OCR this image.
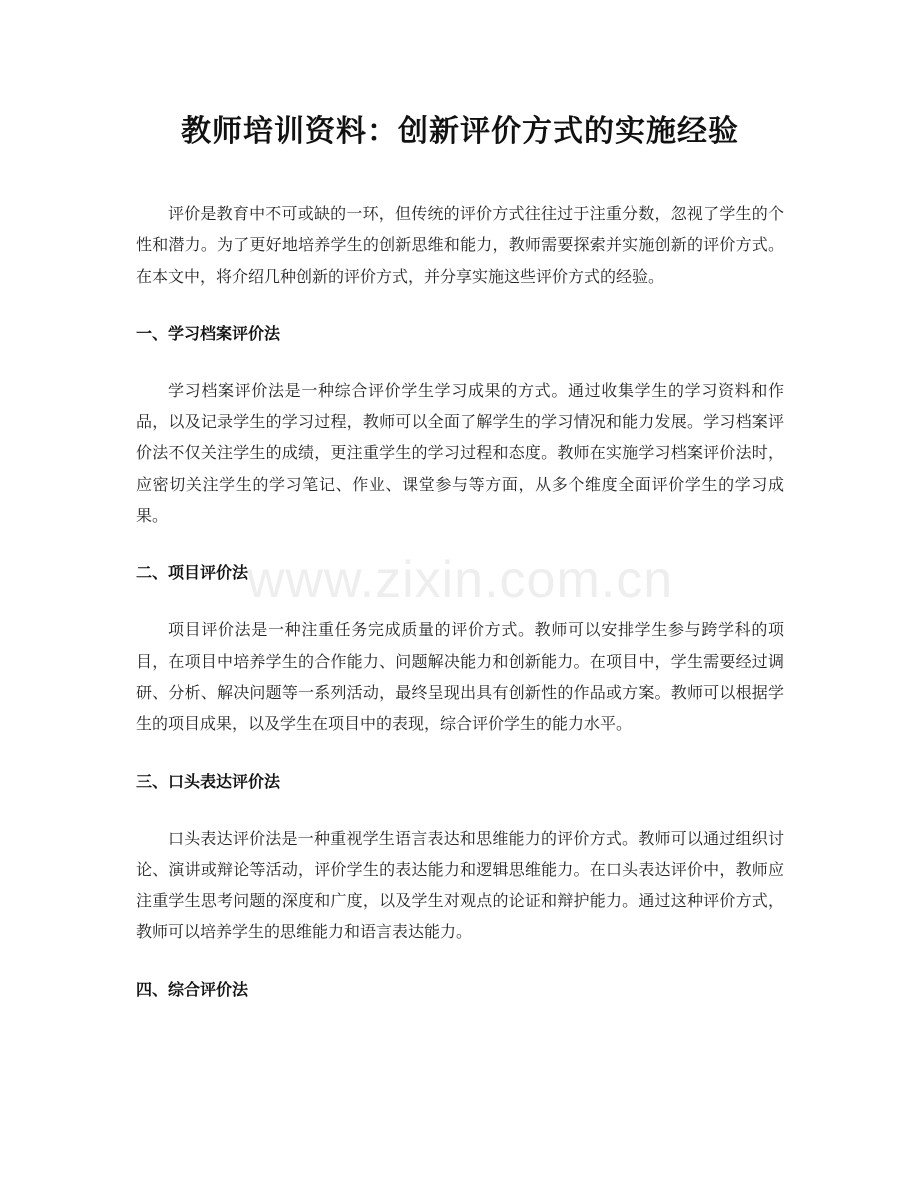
教师培训资料：创新评价方式的实施经验

评价是教育中不可或缺的一环，但传统的评价方式往往过于注重分数，忽视了学生的个性和潜力。为了更好地培养学生的创新思维和能力，教师需要探索并实施创新的评价方式。在本文中，将介绍几种创新的评价方式，并分享实施这些评价方式的经验。

一、学习档案评价法

学习档案评价法是一种综合评价学生学习成果的方式。通过收集学生的学习资料和作品，以及记录学生的学习过程，教师可以全面了解学生的学习情况和能力发展。学习档案评价法不仅关注学生的成绩，更注重学生的学习过程和态度。教师在实施学习档案评价法时，应密切关注学生的学习笔记、作业、课堂参与等方面，从多个维度全面评价学生的学习成果。

二、项目评价法

项目评价法是一种注重任务完成质量的评价方式。教师可以安排学生参与跨学科的项目，在项目中培养学生的合作能力、问题解决能力和创新能力。在项目中，学生需要经过调研、分析、解决问题等一系列活动，最终呈现出具有创新性的作品或方案。教师可以根据学生的项目成果，以及学生在项目中的表现，综合评价学生的能力水平。

三、口头表达评价法

口头表达评价法是一种重视学生语言表达和思维能力的评价方式。教师可以通过组织讨论、演讲或辩论等活动，评价学生的表达能力和逻辑思维能力。在口头表达评价中，教师应注重学生思考问题的深度和广度，以及学生对观点的论证和辩护能力。通过这种评价方式，教师可以培养学生的思维能力和语言表达能力。

四、综合评价法
www.zixin.com.cn
